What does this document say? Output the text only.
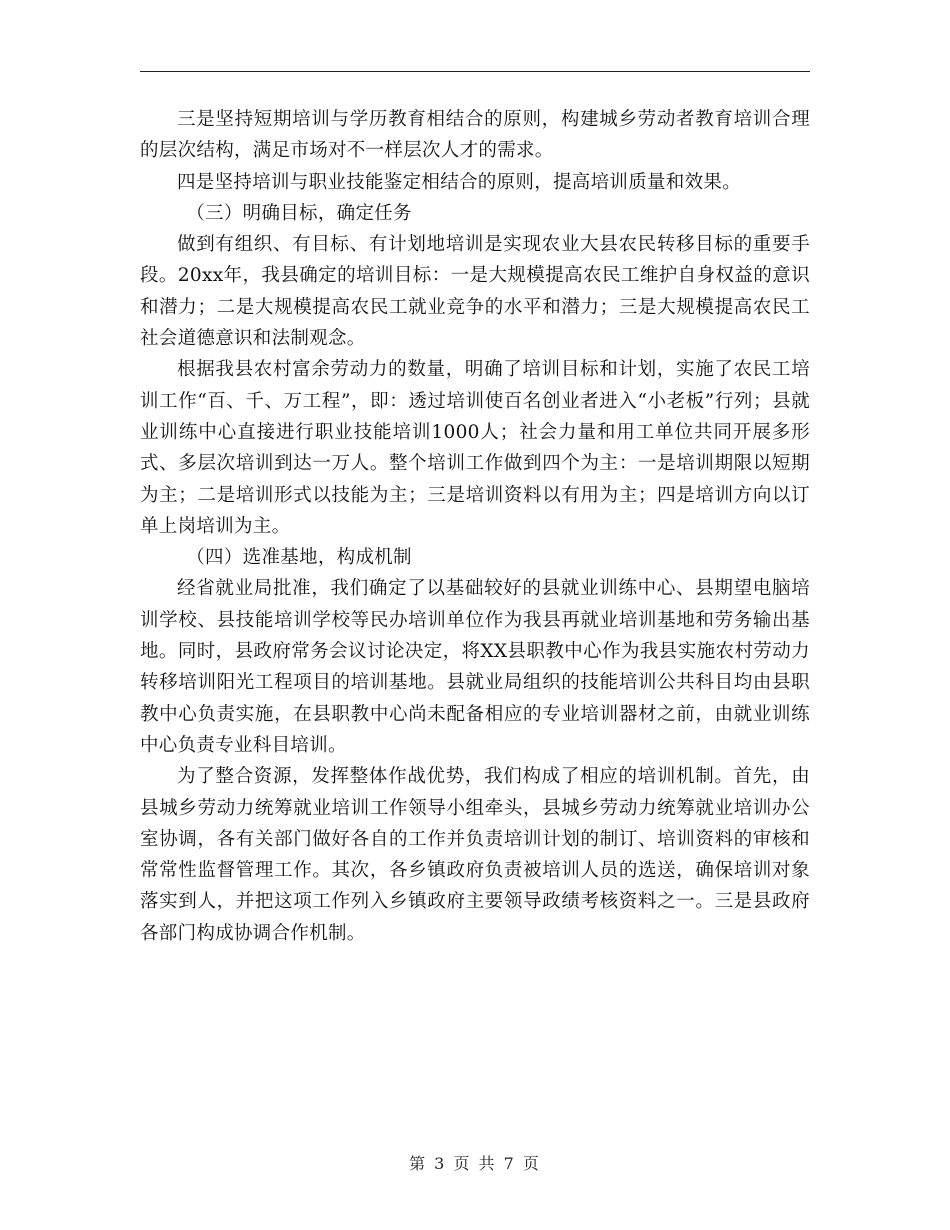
三是坚持短期培训与学历教育相结合的原则，构建城乡劳动者教育培训合理的层次结构，满足市场对不一样层次人才的需求。

四是坚持培训与职业技能鉴定相结合的原则，提高培训质量和效果。

（三）明确目标，确定任务

做到有组织、有目标、有计划地培训是实现农业大县农民转移目标的重要手段。20xx年，我县确定的培训目标：一是大规模提高农民工维护自身权益的意识和潜力；二是大规模提高农民工就业竞争的水平和潜力；三是大规模提高农民工社会道德意识和法制观念。

根据我县农村富余劳动力的数量，明确了培训目标和计划，实施了农民工培训工作“百、千、万工程”，即：透过培训使百名创业者进入“小老板”行列；县就业训练中心直接进行职业技能培训1000人；社会力量和用工单位共同开展多形式、多层次培训到达一万人。整个培训工作做到四个为主：一是培训期限以短期为主；二是培训形式以技能为主；三是培训资料以有用为主；四是培训方向以订单上岗培训为主。

（四）选准基地，构成机制

经省就业局批准，我们确定了以基础较好的县就业训练中心、县期望电脑培训学校、县技能培训学校等民办培训单位作为我县再就业培训基地和劳务输出基地。同时，县政府常务会议讨论决定，将XX县职教中心作为我县实施农村劳动力转移培训阳光工程项目的培训基地。县就业局组织的技能培训公共科目均由县职教中心负责实施，在县职教中心尚未配备相应的专业培训器材之前，由就业训练中心负责专业科目培训。

为了整合资源，发挥整体作战优势，我们构成了相应的培训机制。首先，由县城乡劳动力统筹就业培训工作领导小组牵头，县城乡劳动力统筹就业培训办公室协调，各有关部门做好各自的工作并负责培训计划的制订、培训资料的审核和常常性监督管理工作。其次，各乡镇政府负责被培训人员的选送，确保培训对象落实到人，并把这项工作列入乡镇政府主要领导政绩考核资料之一。三是县政府各部门构成协调合作机制。

第 3 页 共 7 页
